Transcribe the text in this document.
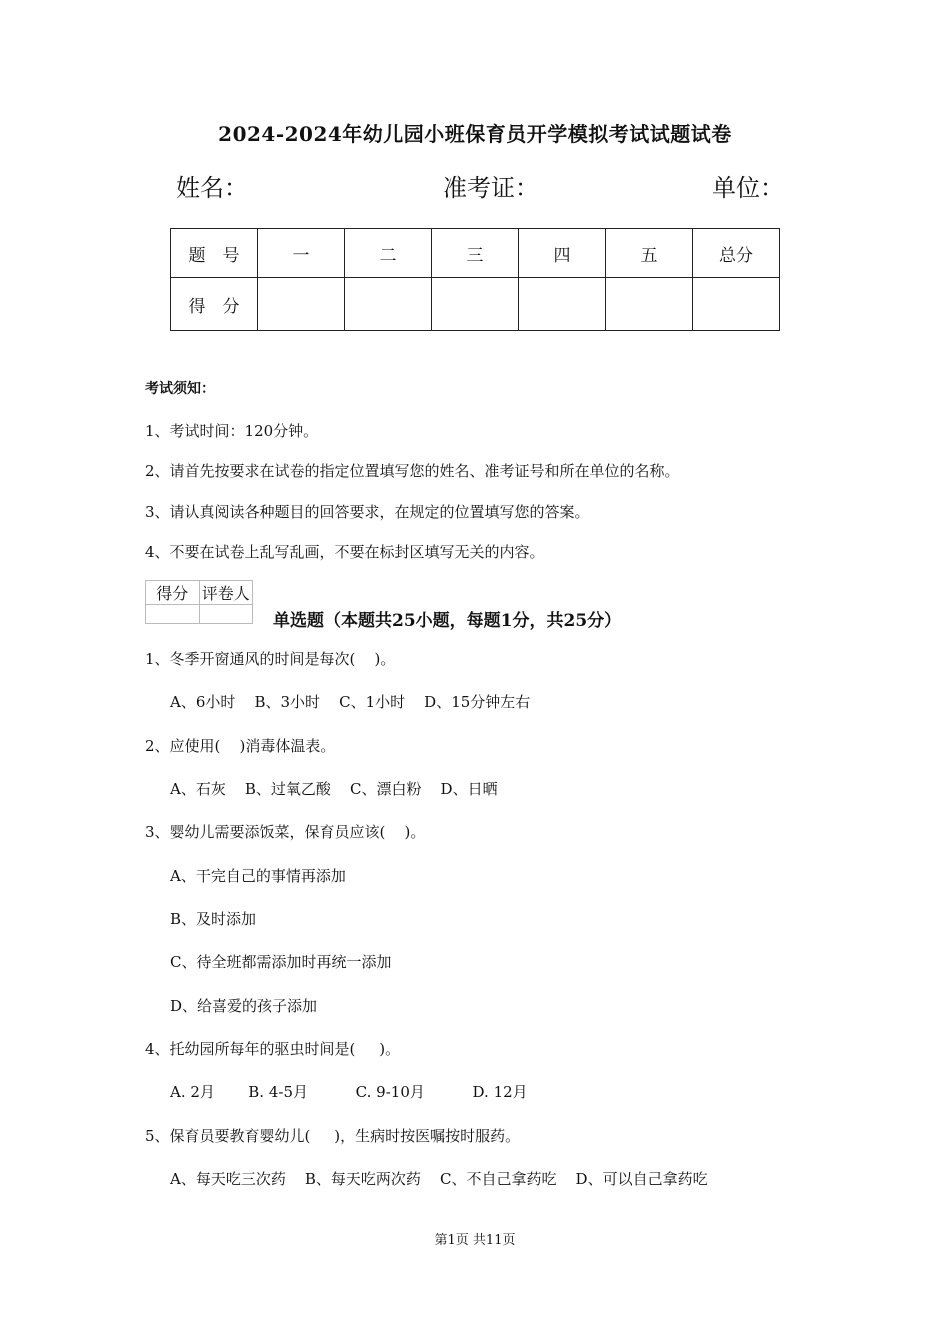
2024-2024年幼儿园小班保育员开学模拟考试试题试卷
姓名：	准考证：	单位：
题　号	一	二	三	四	五	总分
得　分						
考试须知：
1、考试时间：120分钟。
2、请首先按要求在试卷的指定位置填写您的姓名、准考证号和所在单位的名称。
3、请认真阅读各种题目的回答要求，在规定的位置填写您的答案。
4、不要在试卷上乱写乱画，不要在标封区填写无关的内容。
得分	评卷人

单选题（本题共25小题，每题1分，共25分）
1、冬季开窗通风的时间是每次(    )。
A、6小时    B、3小时    C、1小时    D、15分钟左右
2、应使用(    )消毒体温表。
A、石灰    B、过氧乙酸    C、漂白粉    D、日晒
3、婴幼儿需要添饭菜，保育员应该(    )。
A、干完自己的事情再添加
B、及时添加
C、待全班都需添加时再统一添加
D、给喜爱的孩子添加
4、托幼园所每年的驱虫时间是(     )。
A. 2月       B. 4-5月          C. 9-10月          D. 12月
5、保育员要教育婴幼儿(     )，生病时按医嘱按时服药。
A、每天吃三次药    B、每天吃两次药    C、不自己拿药吃    D、可以自己拿药吃
第1页 共11页
